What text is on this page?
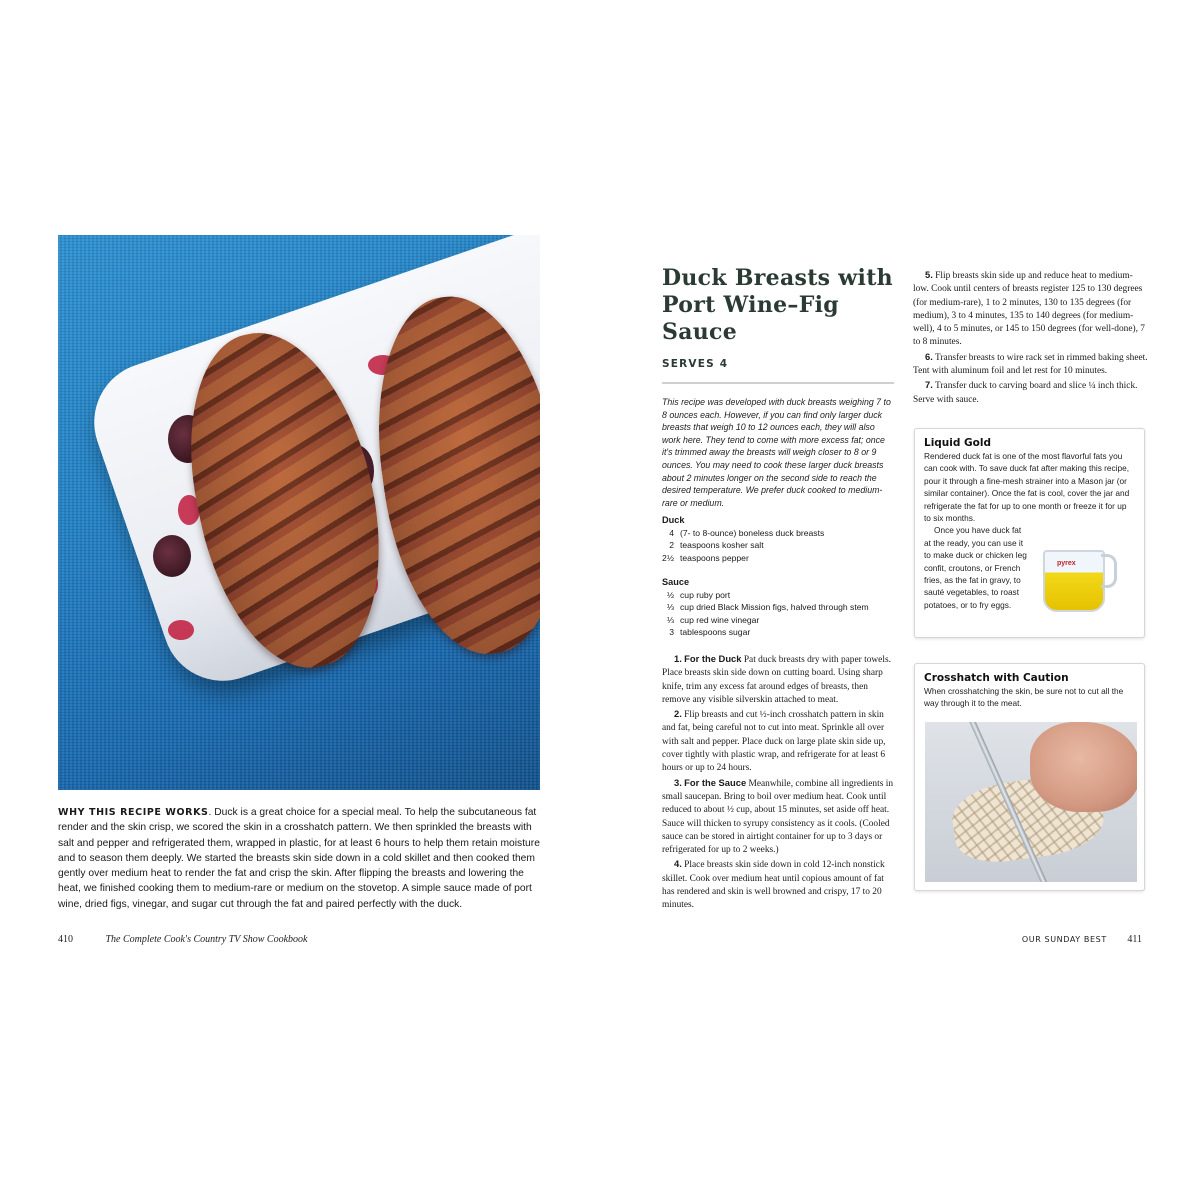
WHY THIS RECIPE WORKS. Duck is a great choice for a special meal. To help the subcutaneous fat render and the skin crisp, we scored the skin in a crosshatch pattern. We then sprinkled the breasts with salt and pepper and refrigerated them, wrapped in plastic, for at least 6 hours to help them retain moisture and to season them deeply. We started the breasts skin side down in a cold skillet and then cooked them gently over medium heat to render the fat and crisp the skin. After flipping the breasts and lowering the heat, we finished cooking them to medium-rare or medium on the stovetop. A simple sauce made of port wine, dried figs, vinegar, and sugar cut through the fat and paired perfectly with the duck.
410	The Complete Cook's Country TV Show Cookbook
Duck Breasts with Port Wine–Fig Sauce
SERVES 4

This recipe was developed with duck breasts weighing 7 to 8 ounces each. However, if you can find only larger duck breasts that weigh 10 to 12 ounces each, they will also work here. They tend to come with more excess fat; once it's trimmed away the breasts will weigh closer to 8 or 9 ounces. You may need to cook these larger duck breasts about 2 minutes longer on the second side to reach the desired temperature. We prefer duck cooked to medium-rare or medium.

Duck
4 (7- to 8-ounce) boneless duck breasts
2 teaspoons kosher salt
2½ teaspoons pepper
Sauce
½ cup ruby port
⅓ cup dried Black Mission figs, halved through stem
⅓ cup red wine vinegar
3 tablespoons sugar

1. For the Duck Pat duck breasts dry with paper towels. Place breasts skin side down on cutting board. Using sharp knife, trim any excess fat around edges of breasts, then remove any visible silverskin attached to meat.

2. Flip breasts and cut ½-inch crosshatch pattern in skin and fat, being careful not to cut into meat. Sprinkle all over with salt and pepper. Place duck on large plate skin side up, cover tightly with plastic wrap, and refrigerate for at least 6 hours or up to 24 hours.

3. For the Sauce Meanwhile, combine all ingredients in small saucepan. Bring to boil over medium heat. Cook until reduced to about ½ cup, about 15 minutes, set aside off heat. Sauce will thicken to syrupy consistency as it cools. (Cooled sauce can be stored in airtight container for up to 3 days or refrigerated for up to 2 weeks.)

4. Place breasts skin side down in cold 12-inch nonstick skillet. Cook over medium heat until copious amount of fat has rendered and skin is well browned and crispy, 17 to 20 minutes.

5. Flip breasts skin side up and reduce heat to medium-low. Cook until centers of breasts register 125 to 130 degrees (for medium-rare), 1 to 2 minutes, 130 to 135 degrees (for medium), 3 to 4 minutes, 135 to 140 degrees (for medium-well), 4 to 5 minutes, or 145 to 150 degrees (for well-done), 7 to 8 minutes.

6. Transfer breasts to wire rack set in rimmed baking sheet. Tent with aluminum foil and let rest for 10 minutes.

7. Transfer duck to carving board and slice ¼ inch thick. Serve with sauce.

Liquid Gold

Rendered duck fat is one of the most flavorful fats you can cook with. To save duck fat after making this recipe, pour it through a fine-mesh strainer into a Mason jar (or similar container). Once the fat is cool, cover the jar and refrigerate the fat for up to one month or freeze it for up to six months.

Once you have duck fat at the ready, you can use it to make duck or chicken leg confit, croutons, or French fries, as the fat in gravy, to sauté vegetables, to roast potatoes, or to fry eggs.

pyrex
Crosshatch with Caution

When crosshatching the skin, be sure not to cut all the way through it to the meat.

OUR SUNDAY BEST 411
